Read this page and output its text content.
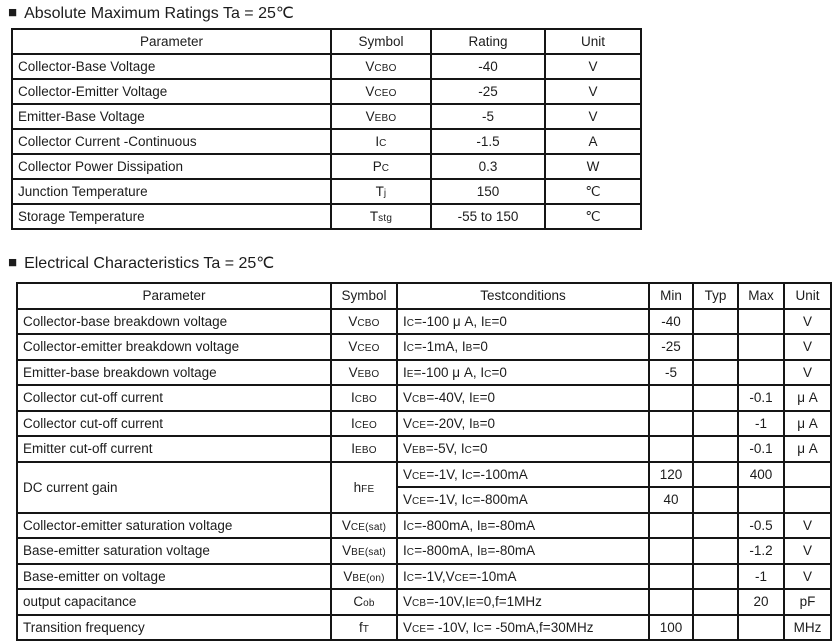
■ Absolute Maximum Ratings Ta = 25℃
Parameter	Symbol	Rating	Unit
Collector-Base Voltage	VCBO	-40	V
Collector-Emitter Voltage	VCEO	-25	V
Emitter-Base Voltage	VEBO	-5	V
Collector Current -Continuous	IC	-1.5	A
Collector Power Dissipation	PC	0.3	W
Junction Temperature	Tj	150	℃
Storage Temperature	Tstg	-55 to 150	℃
■ Electrical Characteristics Ta = 25℃
Parameter	Symbol	Testconditions	Min	Typ	Max	Unit
Collector-base breakdown voltage	VCBO	IC=-100 μ A, IE=0	-40			V
Collector-emitter breakdown voltage	VCEO	IC=-1mA, IB=0	-25			V
Emitter-base breakdown voltage	VEBO	IE=-100 μ A, IC=0	-5			V
Collector cut-off current	ICBO	VCB=-40V, IE=0			-0.1	μ A
Collector cut-off current	ICEO	VCE=-20V, IB=0			-1	μ A
Emitter cut-off current	IEBO	VEB=-5V, IC=0			-0.1	μ A
DC current gain	hFE	VCE=-1V, IC=-100mA	120		400	
		VCE=-1V, IC=-800mA	40			
Collector-emitter saturation voltage	VCE(sat)	IC=-800mA, IB=-80mA			-0.5	V
Base-emitter saturation voltage	VBE(sat)	IC=-800mA, IB=-80mA			-1.2	V
Base-emitter on voltage	VBE(on)	IC=-1V,VCE=-10mA			-1	V
output capacitance	Cob	VCB=-10V,IE=0,f=1MHz			20	pF
Transition frequency	fT	VCE= -10V, IC= -50mA,f=30MHz	100			MHz
